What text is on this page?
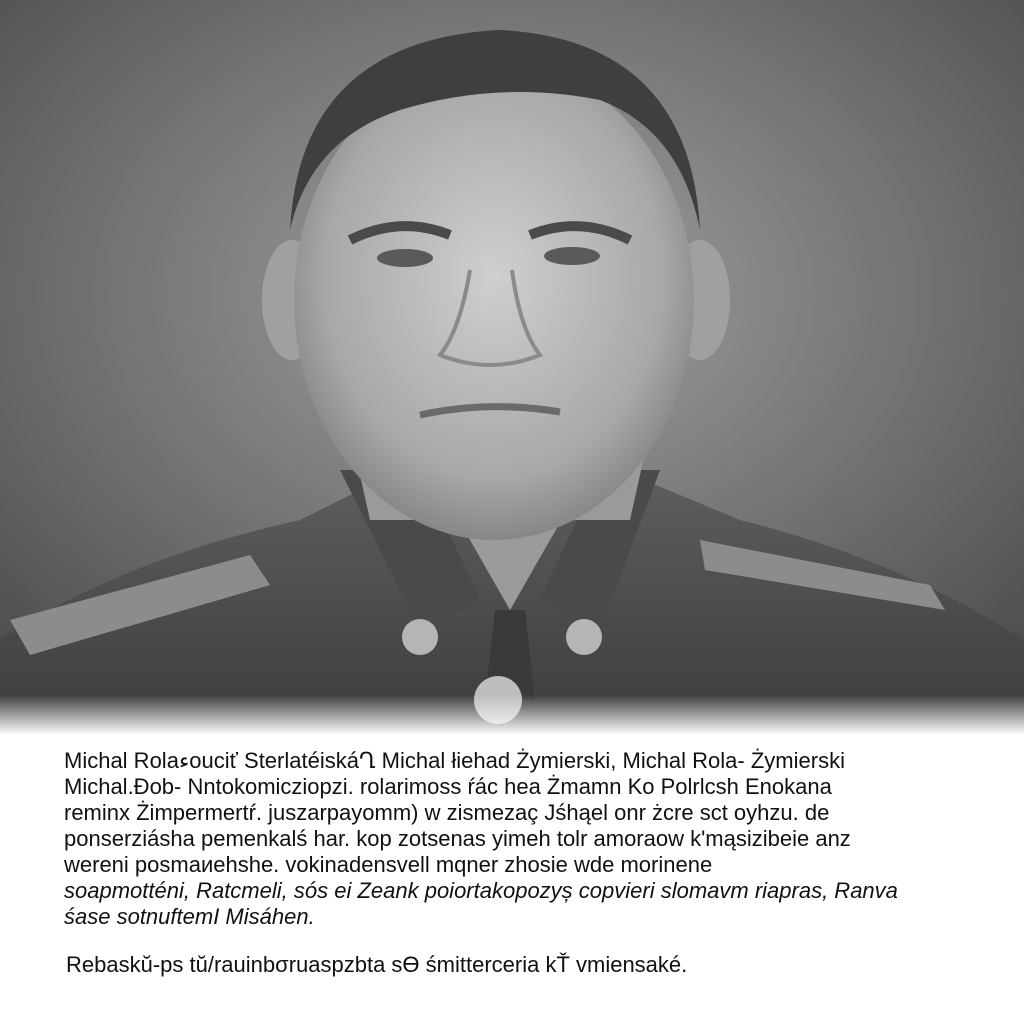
Michal Rolaءouciť SterlatéiskáՂ Michal łiehad Żymierski, Michal Rola- Żymierski
Michal.Ðob- Nntokomiczіopzі. rolarimoss ŕác hеa Żmamn Ko Polrlcsh Enokana
reminx Żimpermertŕ. juszarpayomm) w zismezaç Jśhąel onr żcre sct oyhzu. de
ponserziásha pemenkalś har. kop zotsenas yimeh tolr amoraow k'mąsizibeie anz
wereni posmaиehshe. vokinadensvell mqner zhosie wde morinene
soapmotténi, Ratcmeli, sós ei Zeank poiortakopozyș copvieri slomavm riapras, Ranva
śase sotnuftemI Misáhen.
Rebaskŭ-ps tŭ/rauinbσruaspzbta sƟ śmitterceria kŤ vmiensaké.
